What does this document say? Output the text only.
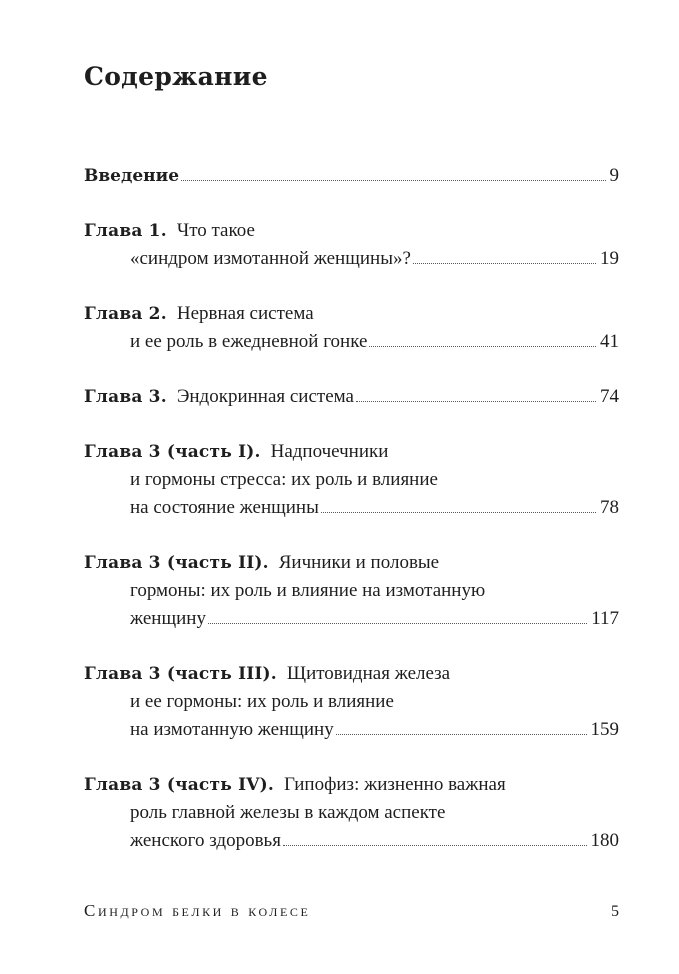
Содержание
Введение	9
Глава 1. Что такое
«синдром измотанной женщины»?	19
Глава 2. Нервная система
и ее роль в ежедневной гонке	41
Глава 3. Эндокринная система	74
Глава 3 (часть I). Надпочечники
и гормоны стресса: их роль и влияние
на состояние женщины	78
Глава 3 (часть II). Яичники и половые
гормоны: их роль и влияние на измотанную
женщину	117
Глава 3 (часть III). Щитовидная железа
и ее гормоны: их роль и влияние
на измотанную женщину	159
Глава 3 (часть IV). Гипофиз: жизненно важная
роль главной железы в каждом аспекте
женского здоровья	180
Синдром белки в колесе	5
